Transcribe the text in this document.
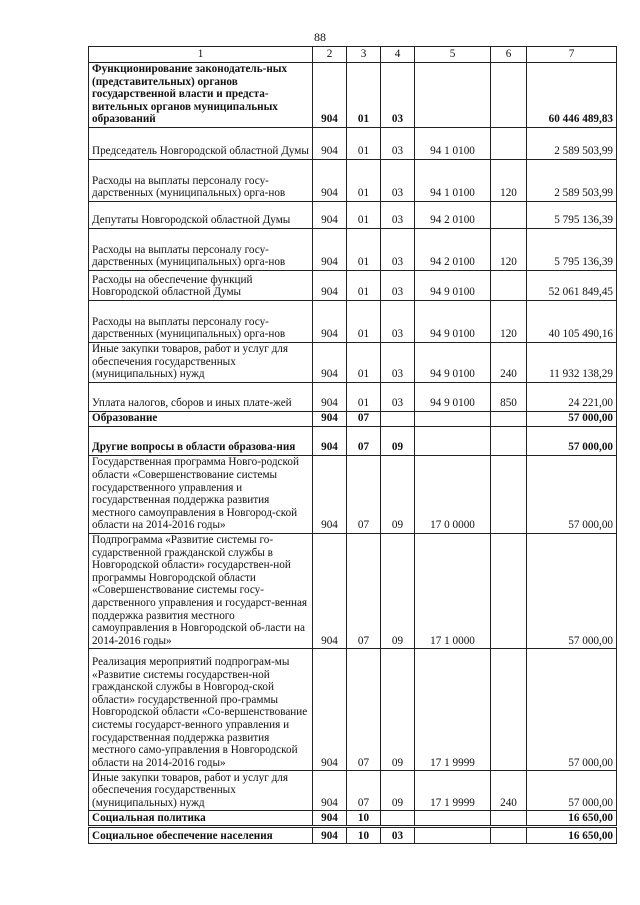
88
1	2	3	4	5	6	7
Функционирование законодатель-ных (представительных) органов государственной власти и предста-вительных органов муниципальных образований	904	01	03			60 446 489,83
Председатель Новгородской областной Думы	904	01	03	94 1 0100		2 589 503,99
Расходы на выплаты персоналу госу-дарственных (муниципальных) орга-нов	904	01	03	94 1 0100	120	2 589 503,99
Депутаты Новгородской областной Думы	904	01	03	94 2 0100		5 795 136,39
Расходы на выплаты персоналу госу-дарственных (муниципальных) орга-нов	904	01	03	94 2 0100	120	5 795 136,39
Расходы на обеспечение функций Новгородской областной Думы	904	01	03	94 9 0100		52 061 849,45
Расходы на выплаты персоналу госу-дарственных (муниципальных) орга-нов	904	01	03	94 9 0100	120	40 105 490,16
Иные закупки товаров, работ и услуг для обеспечения государственных (муниципальных) нужд	904	01	03	94 9 0100	240	11 932 138,29
Уплата налогов, сборов и иных плате-жей	904	01	03	94 9 0100	850	24 221,00
Образование	904	07				57 000,00
Другие вопросы в области образова-ния	904	07	09			57 000,00
Государственная программа Новго-родской области «Совершенствование системы государственного управления и государственная поддержка развития местного самоуправления в Новгород-ской области на 2014-2016 годы»	904	07	09	17 0 0000		57 000,00
Подпрограмма «Развитие системы го-сударственной гражданской службы в Новгородской области» государствен-ной программы Новгородской области «Совершенствование системы госу-дарственного управления и государст-венная поддержка развития местного самоуправления в Новгородской об-ласти на 2014-2016 годы»	904	07	09	17 1 0000		57 000,00
Реализация мероприятий подпрограм-мы «Развитие системы государствен-ной гражданской службы в Новгород-ской области» государственной про-граммы Новгородской области «Со-вершенствование системы государст-венного управления и государственная поддержка развития местного само-управления в Новгородской области на 2014-2016 годы»	904	07	09	17 1 9999		57 000,00
Иные закупки товаров, работ и услуг для обеспечения государственных (муниципальных) нужд	904	07	09	17 1 9999	240	57 000,00
Социальная политика	904	10				16 650,00
Социальное обеспечение населения	904	10	03			16 650,00
